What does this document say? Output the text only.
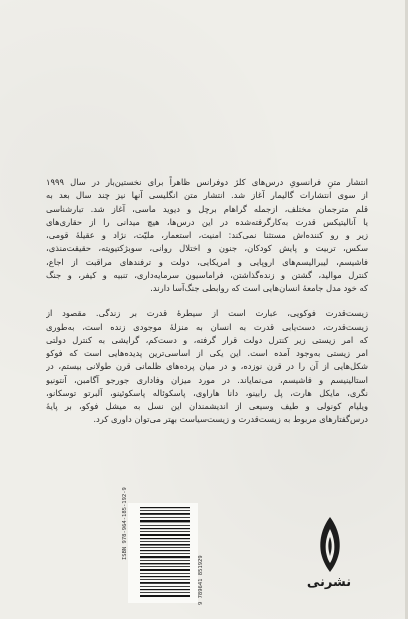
انتشار متنِ فرانسویِ درس‌های کلژ دوفرانس ظاهراً برای نخستین‌بار در سال ۱۹۹۹
از سوی انتشارات گالیمار آغاز شد. انتشار متن انگلیسی آنها نیز چند سال بعد به
قلم مترجمان مختلف، ازجمله گراهام برچل و دیوید ماسی، آغاز شد. تبارشناسی
یا آنالیتیکس قدرت به‌کار‌گرفته‌شده در این درس‌ها، هیچ میدانی را از حقاری‌های
زیر و رو کننده‌اش مستثنا نمی‌کند: امنیت، استعمار، ملیّت، نژاد و عقیلهٔ قومی،
سکس، تربیت و پایش کودکان، جنون و اختلال روانی، سوبژکتیویته، حقیقت‌منذی،
فاشیسم، لیبرالیسم‌های اروپایی و امریکایی، دولت و ترفندهای مراقبت از اجاع،
کنترل موالید، گشتن و زنده‌گذاشتن، فراماسیون سرمایه‌داری، تنبیه و کیفر، و جنگ
که خود مدل جامعهٔ انسان‌هایی است که روابطی جنگ‌آسا دارند.

زیست‌قدرت فوکویی، عبارت است از سیطرهٔ قدرت بر زندگی. مقصود از
زیست‌قدرت، دست‌یابی قدرت به انسان به منزلهٔ موجودی زنده است، به‌طوری
که امر زیستی زیر کنترل دولت قرار گرفته، و دست‌کم، گرایشی به کنترل دولتی
امر زیستی به‌وجود آمده است. این یکی از اساسی‌ترین پدیده‌هایی است که فوکو
شکل‌هایی از آن را در قرن نوزده، و در میان پرده‌های ظلمانی قرن طولانی بیستم، در
استالینیسم و فاشیسم، می‌نمایاند. در مورد میزان وفاداری جورجو آگامبن، آنتونیو
نگری، مایکل هارت، پل رابینو، دانا هاراوی، پاسکوئاله پاسکوئینو، آلبرتو توسکانو،
ویلیام کونولی و طیف وسیعی از اندیشمندان این نسل به میشل فوکو، بر پایهٔ
درس‌گفتارهای مربوط به زیست‌قدرت و زیست‌سیاست بهتر می‌توان داوری کرد.

ISBN 978-964-185-192-9
9 789641 851929	نشرنی
